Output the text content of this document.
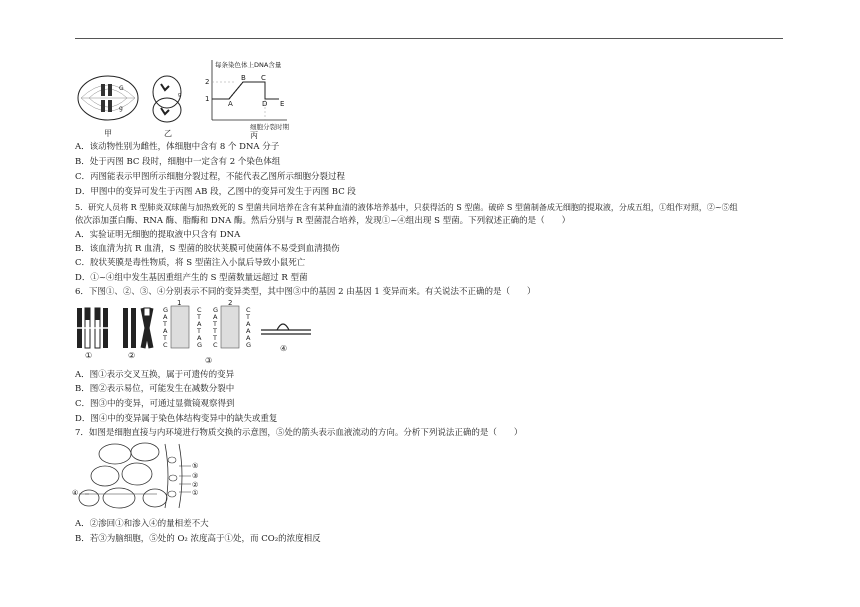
G
g
g
每条染色体上DNA含量
2
1
A
B C
D E
细胞分裂时期
甲	乙	丙
A．该动物性别为雌性，体细胞中含有 8 个 DNA 分子
B．处于丙图 BC 段时，细胞中一定含有 2 个染色体组
C．丙图能表示甲图所示细胞分裂过程，不能代表乙图所示细胞分裂过程
D．甲图中的变异可发生于丙图 AB 段，乙图中的变异可发生于丙图 BC 段
5．研究人员将 R 型肺炎双球菌与加热致死的 S 型菌共同培养在含有某种血清的液体培养基中，只获得活的 S 型菌。破碎 S 型菌制备成无细胞的提取液，分成五组，①组作对照，②~⑤组
依次添加蛋白酶、RNA 酶、脂酶和 DNA 酶。然后分别与 R 型菌混合培养，发现①~④组出现 S 型菌。下列叙述正确的是（　　）
A．实验证明无细胞的提取液中只含有 DNA
B．该血清为抗 R 血清，S 型菌的胶状荚膜可使菌体不易受到血清损伤
C．胶状荚膜是毒性物质，将 S 型菌注入小鼠后导致小鼠死亡
D．①~④组中发生基因重组产生的 S 型菌数量远超过 R 型菌
6．下图①、②、③、④分别表示不同的变异类型，其中图③中的基因 2 由基因 1 变异而来。有关说法不正确的是（　　）
1	2
G
A
T
A
T
C
C
T
A
T
A
G
G
A
T
T
T
C
C
T
A
A
A
G
①	②
③
④
A．图①表示交叉互换，属于可遗传的变异
B．图②表示易位，可能发生在减数分裂中
C．图③中的变异，可通过显微镜观察得到
D．图④中的变异属于染色体结构变异中的缺失或重复
7．如图是细胞直接与内环境进行物质交换的示意图，⑤处的箭头表示血液流动的方向。分析下列说法正确的是（　　）
⑤
③
②
①
④
A．②渗回①和渗入④的量相差不大
B．若③为脑细胞，⑤处的 O₂ 浓度高于①处，而 CO₂的浓度相反
